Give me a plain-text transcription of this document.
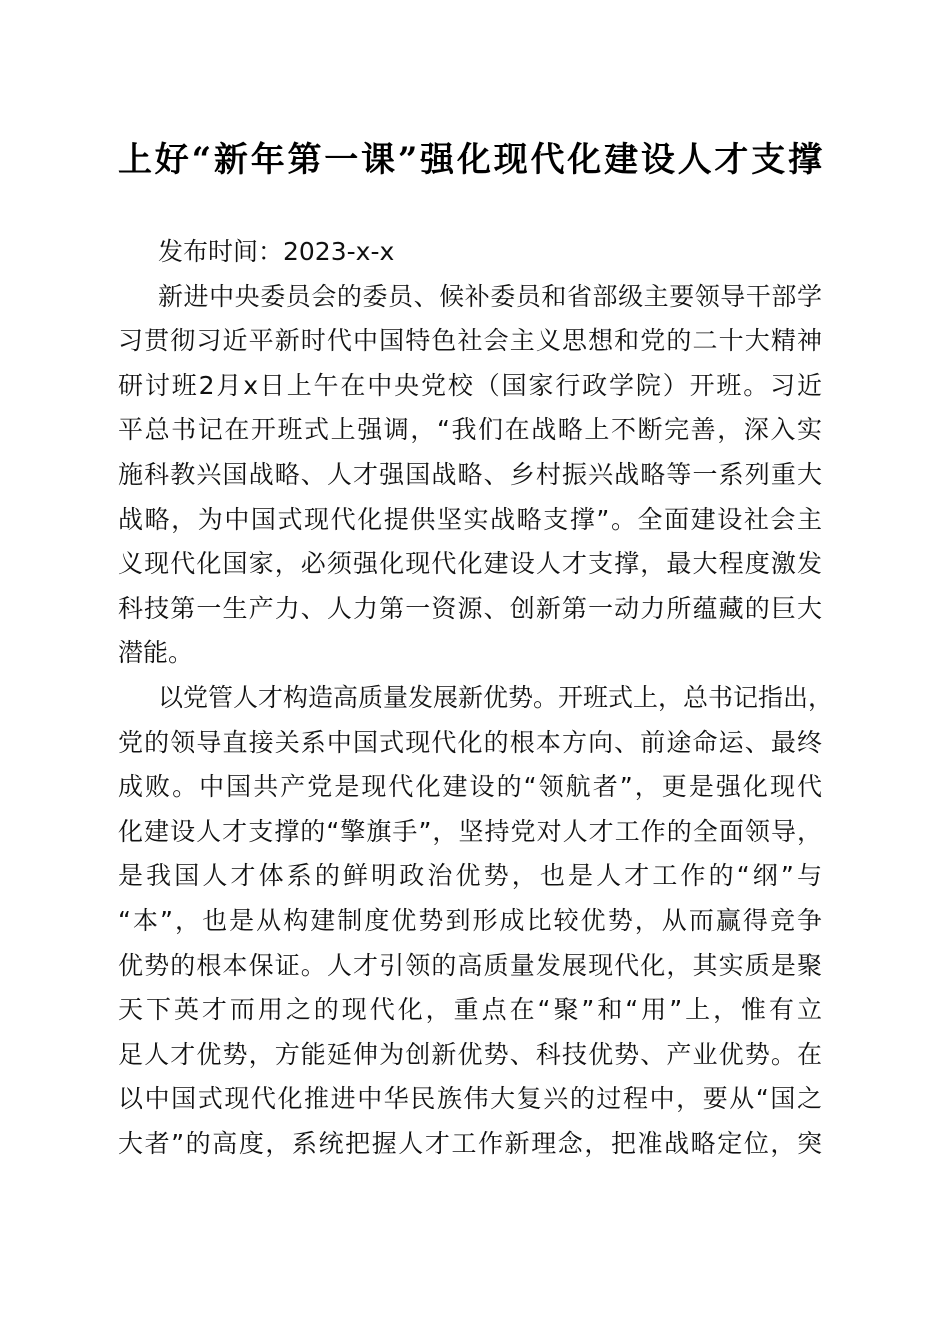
上好“新年第一课”强化现代化建设人才支撑
发布时间：2023-x-x
新进中央委员会的委员、候补委员和省部级主要领导干部学
习贯彻习近平新时代中国特色社会主义思想和党的二十大精神
研讨班2月x日上午在中央党校（国家行政学院）开班。习近
平总书记在开班式上强调，“我们在战略上不断完善，深入实
施科教兴国战略、人才强国战略、乡村振兴战略等一系列重大
战略，为中国式现代化提供坚实战略支撑”。全面建设社会主
义现代化国家，必须强化现代化建设人才支撑，最大程度激发
科技第一生产力、人力第一资源、创新第一动力所蕴藏的巨大
潜能。
以党管人才构造高质量发展新优势。开班式上，总书记指出，
党的领导直接关系中国式现代化的根本方向、前途命运、最终
成败。中国共产党是现代化建设的“领航者”，更是强化现代
化建设人才支撑的“擎旗手”，坚持党对人才工作的全面领导，
是我国人才体系的鲜明政治优势，也是人才工作的“纲”与
“本”，也是从构建制度优势到形成比较优势，从而赢得竞争
优势的根本保证。人才引领的高质量发展现代化，其实质是聚
天下英才而用之的现代化，重点在“聚”和“用”上，惟有立
足人才优势，方能延伸为创新优势、科技优势、产业优势。在
以中国式现代化推进中华民族伟大复兴的过程中，要从“国之
大者”的高度，系统把握人才工作新理念，把准战略定位，突
